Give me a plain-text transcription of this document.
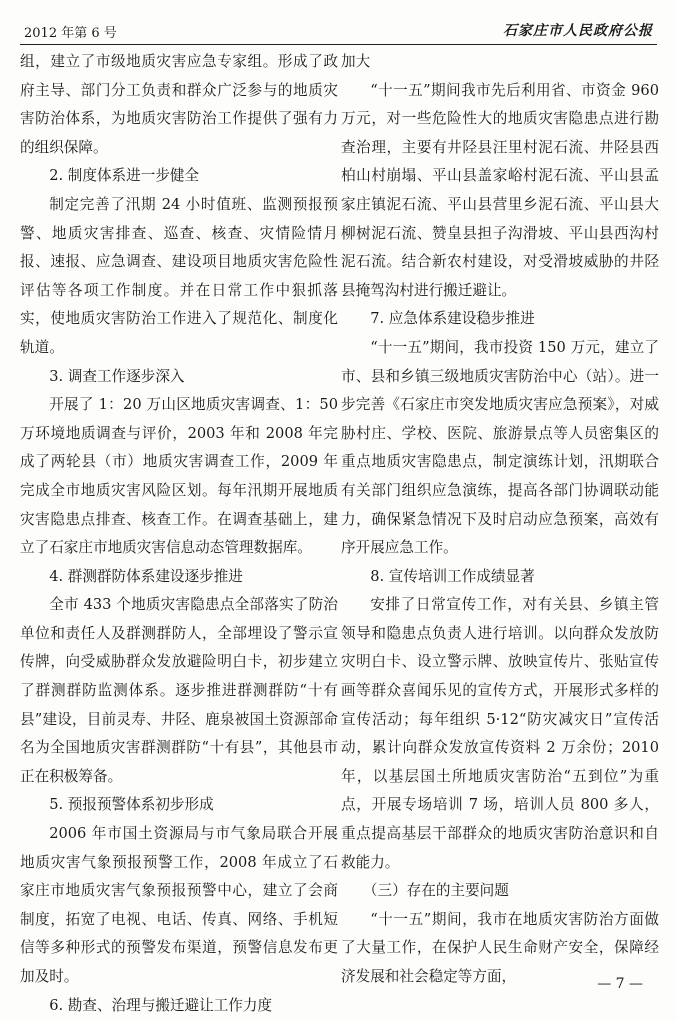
2012 年第 6 号	石家庄市人民政府公报

组，建立了市级地质灾害应急专家组。形成了政府主导、部门分工负责和群众广泛参与的地质灾害防治体系，为地质灾害防治工作提供了强有力的组织保障。

2. 制度体系进一步健全

制定完善了汛期 24 小时值班、监测预报预警、地质灾害排查、巡查、核查、灾情险情月报、速报、应急调查、建设项目地质灾害危险性评估等各项工作制度。并在日常工作中狠抓落实，使地质灾害防治工作进入了规范化、制度化轨道。

3. 调查工作逐步深入

开展了 1：20 万山区地质灾害调查、1：50万环境地质调查与评价，2003 年和 2008 年完成了两轮县（市）地质灾害调查工作，2009 年完成全市地质灾害风险区划。每年汛期开展地质灾害隐患点排查、核查工作。在调查基础上，建立了石家庄市地质灾害信息动态管理数据库。

4. 群测群防体系建设逐步推进

全市 433 个地质灾害隐患点全部落实了防治单位和责任人及群测群防人，全部埋设了警示宣传牌，向受威胁群众发放避险明白卡，初步建立了群测群防监测体系。逐步推进群测群防“十有县”建设，目前灵寿、井陉、鹿泉被国土资源部命名为全国地质灾害群测群防“十有县”，其他县市正在积极筹备。

5. 预报预警体系初步形成

2006 年市国土资源局与市气象局联合开展地质灾害气象预报预警工作，2008 年成立了石家庄市地质灾害气象预报预警中心，建立了会商制度，拓宽了电视、电话、传真、网络、手机短信等多种形式的预警发布渠道，预警信息发布更加及时。

6. 勘查、治理与搬迁避让工作力度

加大

“十一五”期间我市先后利用省、市资金 960 万元，对一些危险性大的地质灾害隐患点进行勘查治理，主要有井陉县汪里村泥石流、井陉县西柏山村崩塌、平山县盖家峪村泥石流、平山县孟家庄镇泥石流、平山县营里乡泥石流、平山县大柳树泥石流、赞皇县担子沟滑坡、平山县西沟村泥石流。结合新农村建设，对受滑坡威胁的井陉县掩驾沟村进行搬迁避让。

7. 应急体系建设稳步推进

“十一五”期间，我市投资 150 万元，建立了市、县和乡镇三级地质灾害防治中心（站）。进一步完善《石家庄市突发地质灾害应急预案》，对威胁村庄、学校、医院、旅游景点等人员密集区的重点地质灾害隐患点，制定演练计划，汛期联合有关部门组织应急演练，提高各部门协调联动能力，确保紧急情况下及时启动应急预案，高效有序开展应急工作。

8. 宣传培训工作成绩显著

安排了日常宣传工作，对有关县、乡镇主管领导和隐患点负责人进行培训。以向群众发放防灾明白卡、设立警示牌、放映宣传片、张贴宣传画等群众喜闻乐见的宣传方式，开展形式多样的宣传活动；每年组织 5·12“防灾减灾日”宣传活动，累计向群众发放宣传资料 2 万余份；2010 年，以基层国土所地质灾害防治“五到位”为重点，开展专场培训 7 场，培训人员 800 多人，重点提高基层干部群众的地质灾害防治意识和自救能力。

（三）存在的主要问题

“十一五”期间，我市在地质灾害防治方面做了大量工作，在保护人民生命财产安全，保障经济发展和社会稳定等方面，	— 7 —
